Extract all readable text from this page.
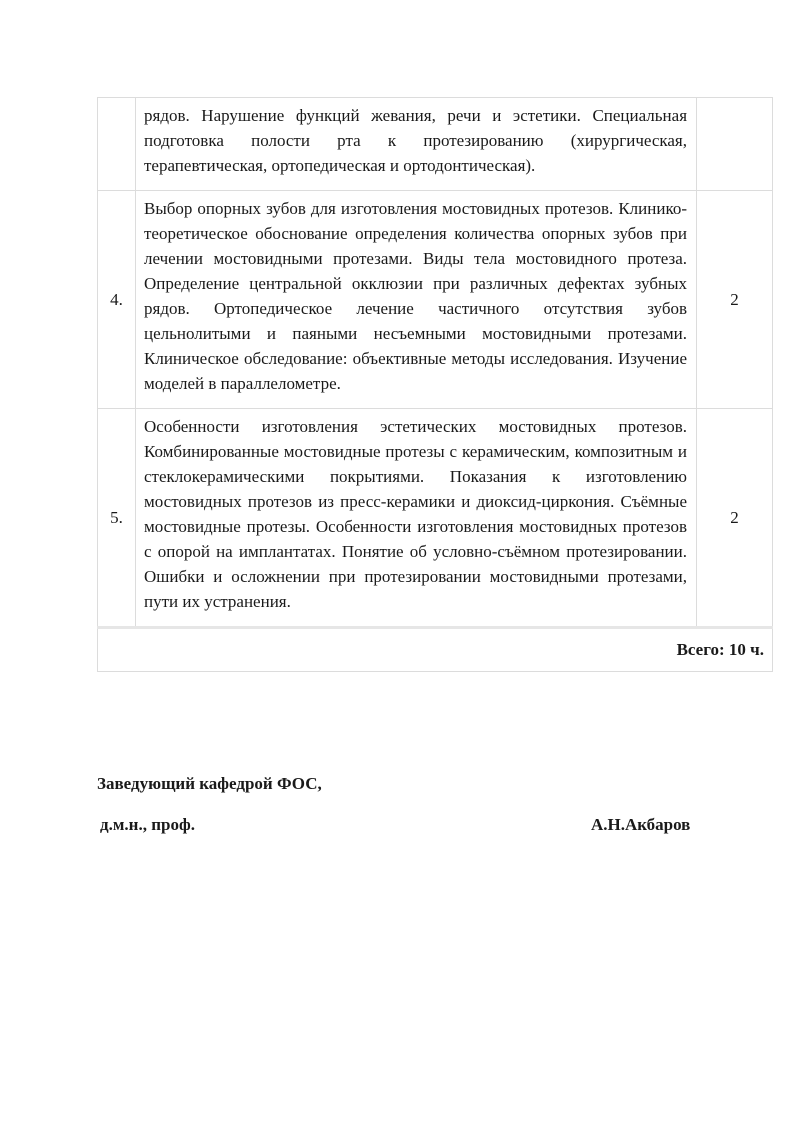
	рядов. Нарушение функций жевания, речи и эстетики. Специальная подготовка полости рта к протезированию (хирургическая, терапевтическая, ортопедическая и ортодонтическая).	

4.	Выбор опорных зубов для изготовления мостовидных протезов. Клинико-теоретическое обоснование определения количества опорных зубов при лечении мостовидными протезами. Виды тела мостовидного протеза. Определение центральной окклюзии при различных дефектах зубных рядов. Ортопедическое лечение частичного отсутствия зубов цельнолитыми и паяными несъемными мостовидными протезами. Клиническое обследование: объективные методы исследования. Изучение моделей в параллелометре.	2
5.	Особенности изготовления эстетических мостовидных протезов. Комбинированные мостовидные протезы с керамическим, композитным и стеклокерамическими покрытиями. Показания к изготовлению мостовидных протезов из пресс-керамики и диоксид-циркония. Съёмные мостовидные протезы. Особенности изготовления мостовидных протезов с опорой на имплантатах. Понятие об условно-съёмном протезировании. Ошибки и осложнении при протезировании мостовидными протезами, пути их устранения.	2
Всего: 10 ч.		
Заведующий кафедрой ФОС,
д.м.н., проф.	А.Н.Акбаров
